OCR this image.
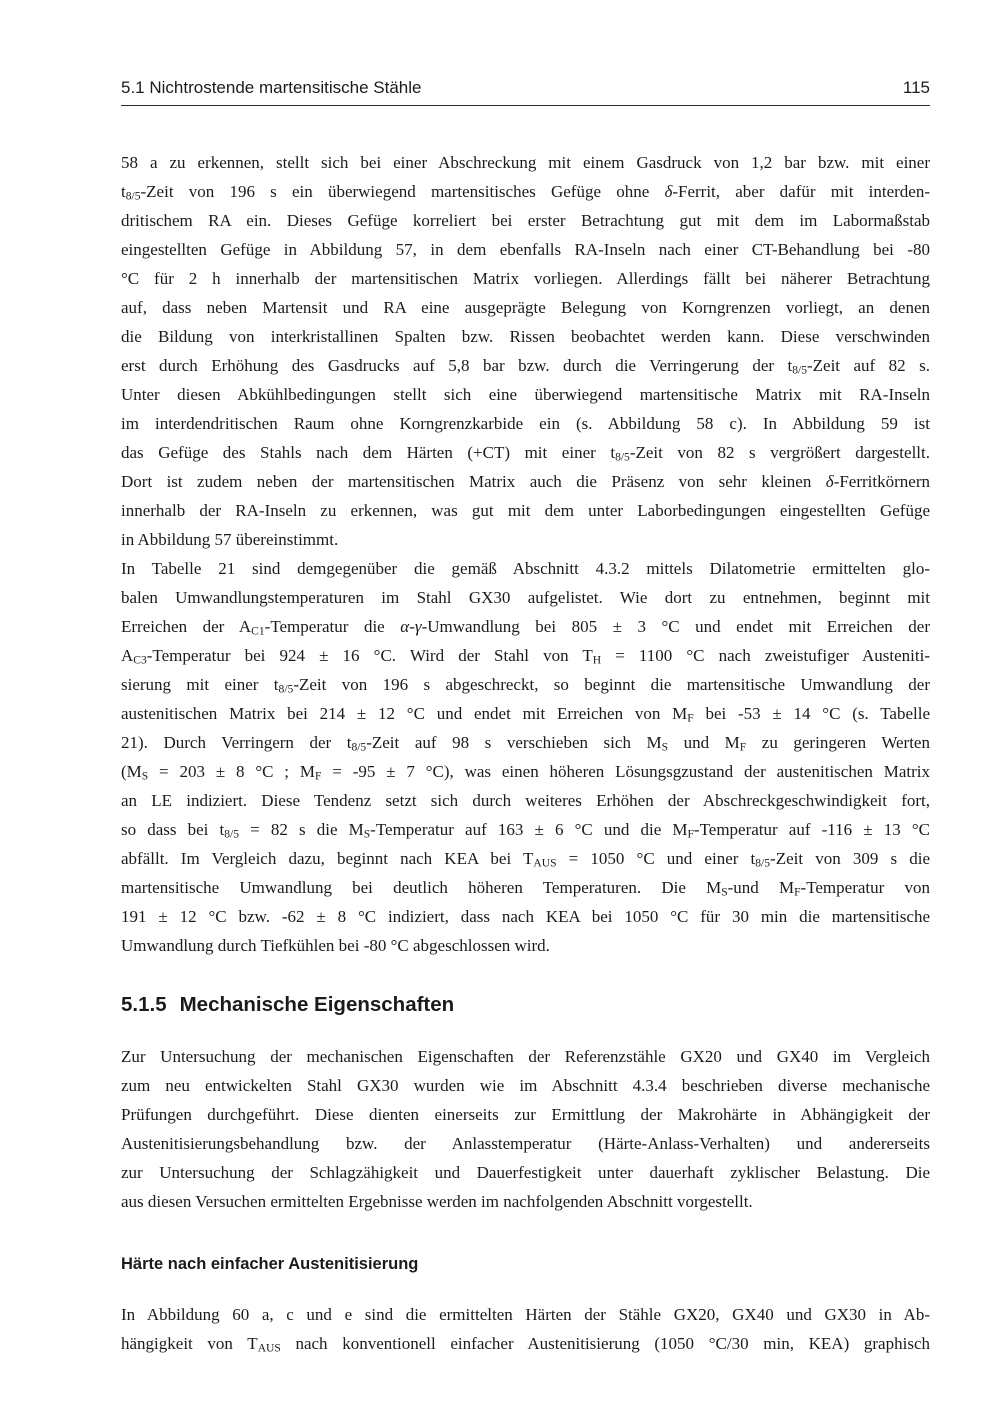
5.1 Nichtrostende martensitische Stähle	115
58 a zu erkennen, stellt sich bei einer Abschreckung mit einem Gasdruck von 1,2 bar bzw. mit einer
$t_{8/5}$-Zeit von 196 s ein überwiegend martensitisches Gefüge ohne δ-Ferrit, aber dafür mit interden-
dritischem RA ein. Dieses Gefüge korreliert bei erster Betrachtung gut mit dem im Labormaßstab
eingestellten Gefüge in Abbildung 57, in dem ebenfalls RA-Inseln nach einer CT-Behandlung bei -80
°C für 2 h innerhalb der martensitischen Matrix vorliegen. Allerdings fällt bei näherer Betrachtung
auf, dass neben Martensit und RA eine ausgeprägte Belegung von Korngrenzen vorliegt, an denen
die Bildung von interkristallinen Spalten bzw. Rissen beobachtet werden kann. Diese verschwinden
erst durch Erhöhung des Gasdrucks auf 5,8 bar bzw. durch die Verringerung der $t_{8/5}$-Zeit auf 82 s.
Unter diesen Abkühlbedingungen stellt sich eine überwiegend martensitische Matrix mit RA-Inseln
im interdendritischen Raum ohne Korngrenzkarbide ein (s. Abbildung 58 c). In Abbildung 59 ist
das Gefüge des Stahls nach dem Härten (+CT) mit einer $t_{8/5}$-Zeit von 82 s vergrößert dargestellt.
Dort ist zudem neben der martensitischen Matrix auch die Präsenz von sehr kleinen δ-Ferritkörnern
innerhalb der RA-Inseln zu erkennen, was gut mit dem unter Laborbedingungen eingestellten Gefüge
in Abbildung 57 übereinstimmt.
In Tabelle 21 sind demgegenüber die gemäß Abschnitt 4.3.2 mittels Dilatometrie ermittelten glo-
balen Umwandlungstemperaturen im Stahl GX30 aufgelistet. Wie dort zu entnehmen, beginnt mit
Erreichen der $A_{C1}$-Temperatur die α-γ-Umwandlung bei 805 ± 3 °C und endet mit Erreichen der
$A_{C3}$-Temperatur bei 924 ± 16 °C. Wird der Stahl von $T_H = 1100$ °C nach zweistufiger Austeniti-
sierung mit einer $t_{8/5}$-Zeit von 196 s abgeschreckt, so beginnt die martensitische Umwandlung der
austenitischen Matrix bei 214 ± 12 °C und endet mit Erreichen von $M_F$ bei -53 ± 14 °C (s. Tabelle
21). Durch Verringern der $t_{8/5}$-Zeit auf 98 s verschieben sich $M_S$ und $M_F$ zu geringeren Werten
($M_S = 203 \pm 8$ °C ; $M_F = -95 \pm 7$ °C), was einen höheren Lösungsgzustand der austenitischen Matrix
an LE indiziert. Diese Tendenz setzt sich durch weiteres Erhöhen der Abschreckgeschwindigkeit fort,
so dass bei $t_{8/5} = 82$ s die $M_S$-Temperatur auf 163 ± 6 °C und die $M_F$-Temperatur auf -116 ± 13 °C
abfällt. Im Vergleich dazu, beginnt nach KEA bei $T_{AUS} = 1050$ °C und einer $t_{8/5}$-Zeit von 309 s die
martensitische Umwandlung bei deutlich höheren Temperaturen. Die $M_S$-und $M_F$-Temperatur von
191 ± 12 °C bzw. -62 ± 8 °C indiziert, dass nach KEA bei 1050 °C für 30 min die martensitische
Umwandlung durch Tiefkühlen bei -80 °C abgeschlossen wird.
5.1.5 Mechanische Eigenschaften
Zur Untersuchung der mechanischen Eigenschaften der Referenzstähle GX20 und GX40 im Vergleich
zum neu entwickelten Stahl GX30 wurden wie im Abschnitt 4.3.4 beschrieben diverse mechanische
Prüfungen durchgeführt. Diese dienten einerseits zur Ermittlung der Makrohärte in Abhängigkeit der
Austenitisierungsbehandlung bzw. der Anlasstemperatur (Härte-Anlass-Verhalten) und andererseits
zur Untersuchung der Schlagzähigkeit und Dauerfestigkeit unter dauerhaft zyklischer Belastung. Die
aus diesen Versuchen ermittelten Ergebnisse werden im nachfolgenden Abschnitt vorgestellt.
Härte nach einfacher Austenitisierung
In Abbildung 60 a, c und e sind die ermittelten Härten der Stähle GX20, GX40 und GX30 in Ab-
hängigkeit von $T_{AUS}$ nach konventionell einfacher Austenitisierung (1050 °C/30 min, KEA) graphisch
